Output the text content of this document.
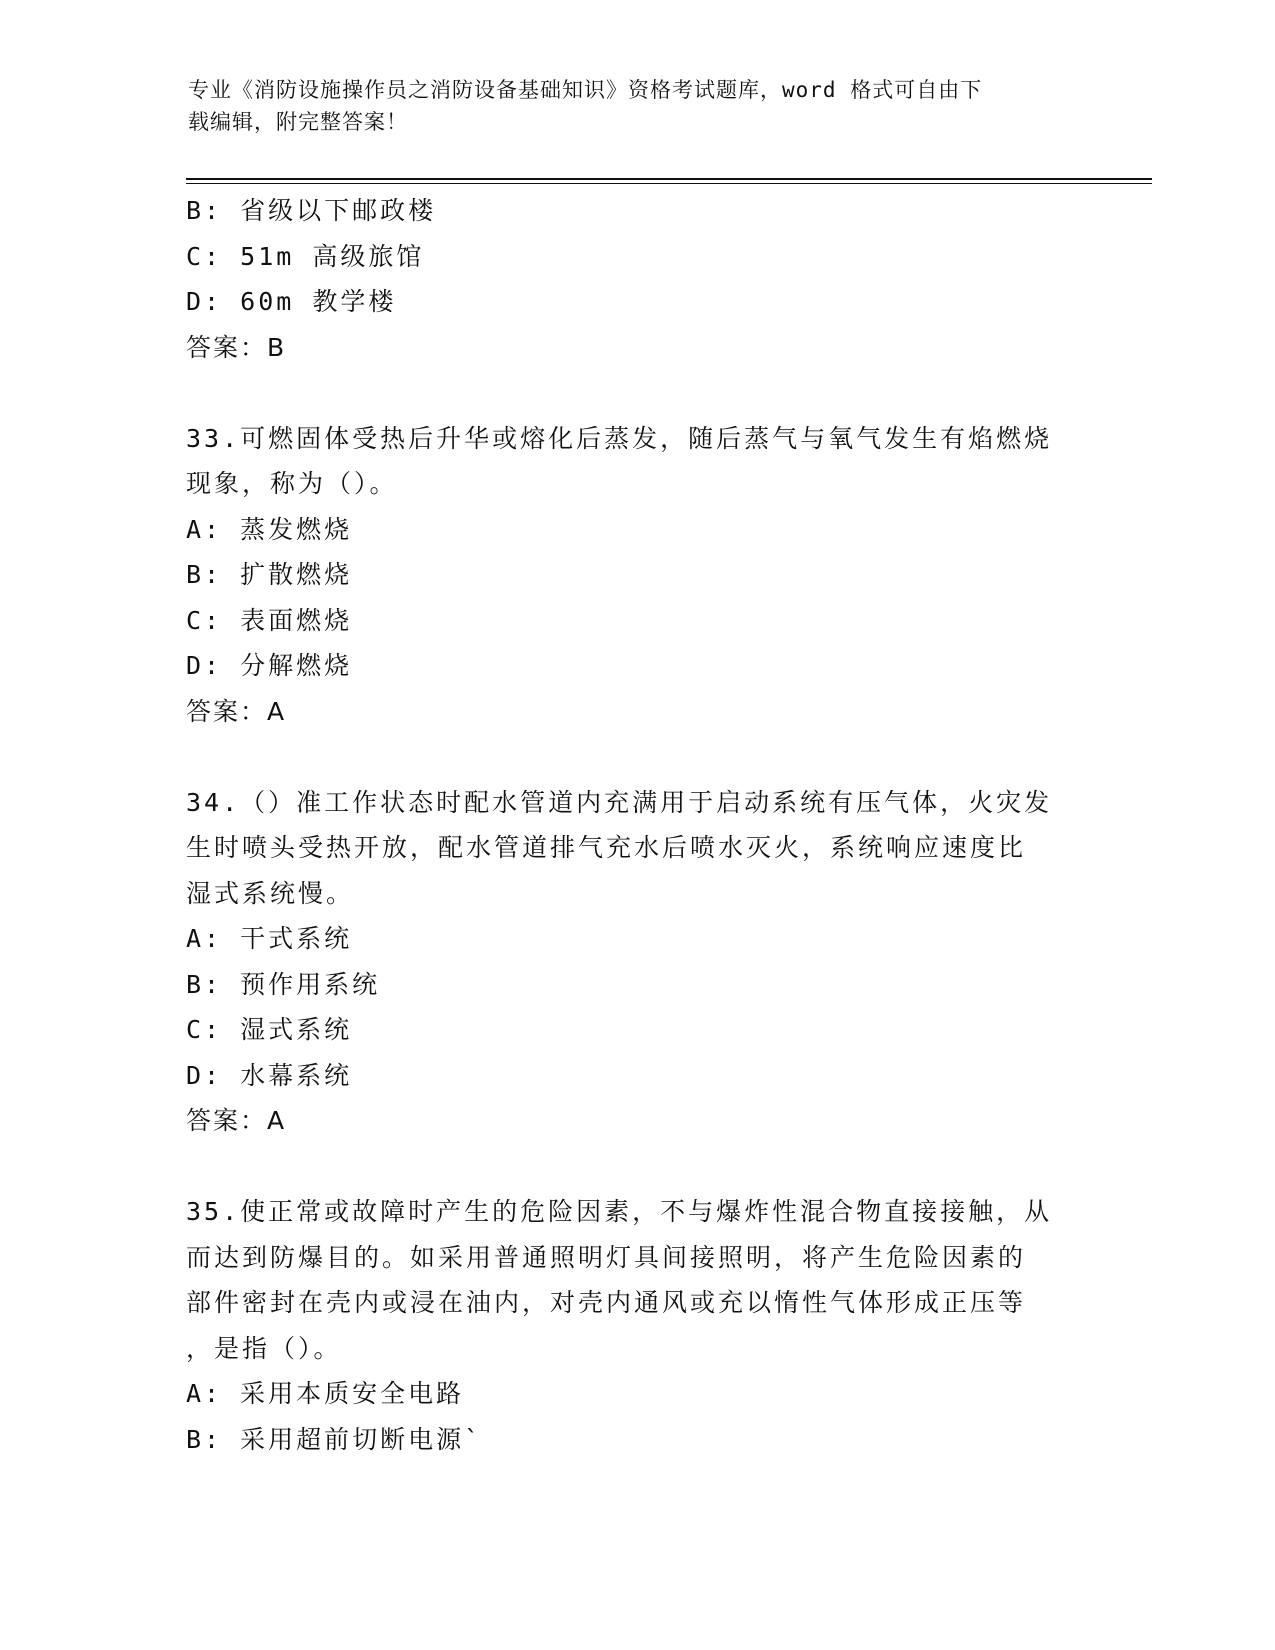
专业《消防设施操作员之消防设备基础知识》资格考试题库，word 格式可自由下
载编辑，附完整答案！
B: 省级以下邮政楼
C: 51m 高级旅馆
D: 60m 教学楼
答案：B
33.可燃固体受热后升华或熔化后蒸发，随后蒸气与氧气发生有焰燃烧
现象，称为（）。
A: 蒸发燃烧
B: 扩散燃烧
C: 表面燃烧
D: 分解燃烧
答案：A
34.（）准工作状态时配水管道内充满用于启动系统有压气体，火灾发
生时喷头受热开放，配水管道排气充水后喷水灭火，系统响应速度比
湿式系统慢。
A: 干式系统
B: 预作用系统
C: 湿式系统
D: 水幕系统
答案：A
35.使正常或故障时产生的危险因素，不与爆炸性混合物直接接触，从
而达到防爆目的。如采用普通照明灯具间接照明，将产生危险因素的
部件密封在壳内或浸在油内，对壳内通风或充以惰性气体形成正压等
，是指（）。
A: 采用本质安全电路
B: 采用超前切断电源`
